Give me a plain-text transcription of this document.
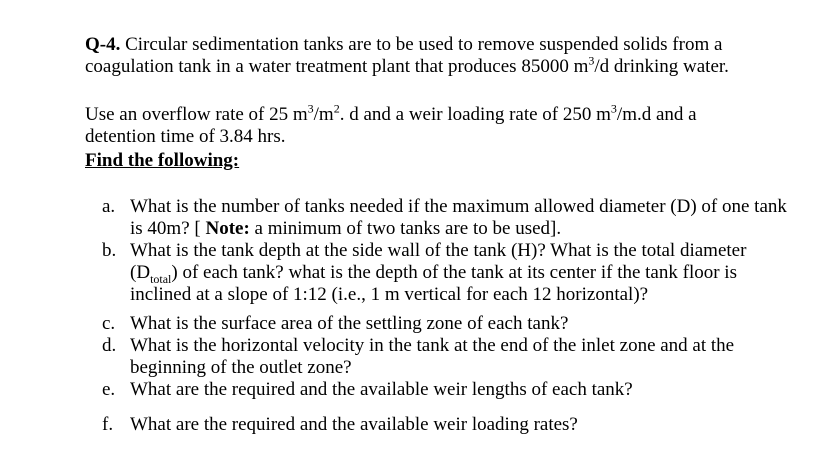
Q-4. Circular sedimentation tanks are to be used to remove suspended solids from a
coagulation tank in a water treatment plant that produces 85000 $m^3/d$ drinking water.

Use an overflow rate of 25 $m^3/m^2$. d and a weir loading rate of 250 $m^3/m.d$ and a
detention time of 3.84 hrs.

Find the following:

a. What is the number of tanks needed if the maximum allowed diameter (D) of one tank is 40m? [ Note: a minimum of two tanks are to be used].
b. What is the tank depth at the side wall of the tank (H)? What is the total diameter $(D_{total})$ of each tank? what is the depth of the tank at its center if the tank floor is inclined at a slope of 1:12 (i.e., 1 m vertical for each 12 horizontal)?
c. What is the surface area of the settling zone of each tank?
d. What is the horizontal velocity in the tank at the end of the inlet zone and at the beginning of the outlet zone?
e. What are the required and the available weir lengths of each tank?
f. What are the required and the available weir loading rates?
